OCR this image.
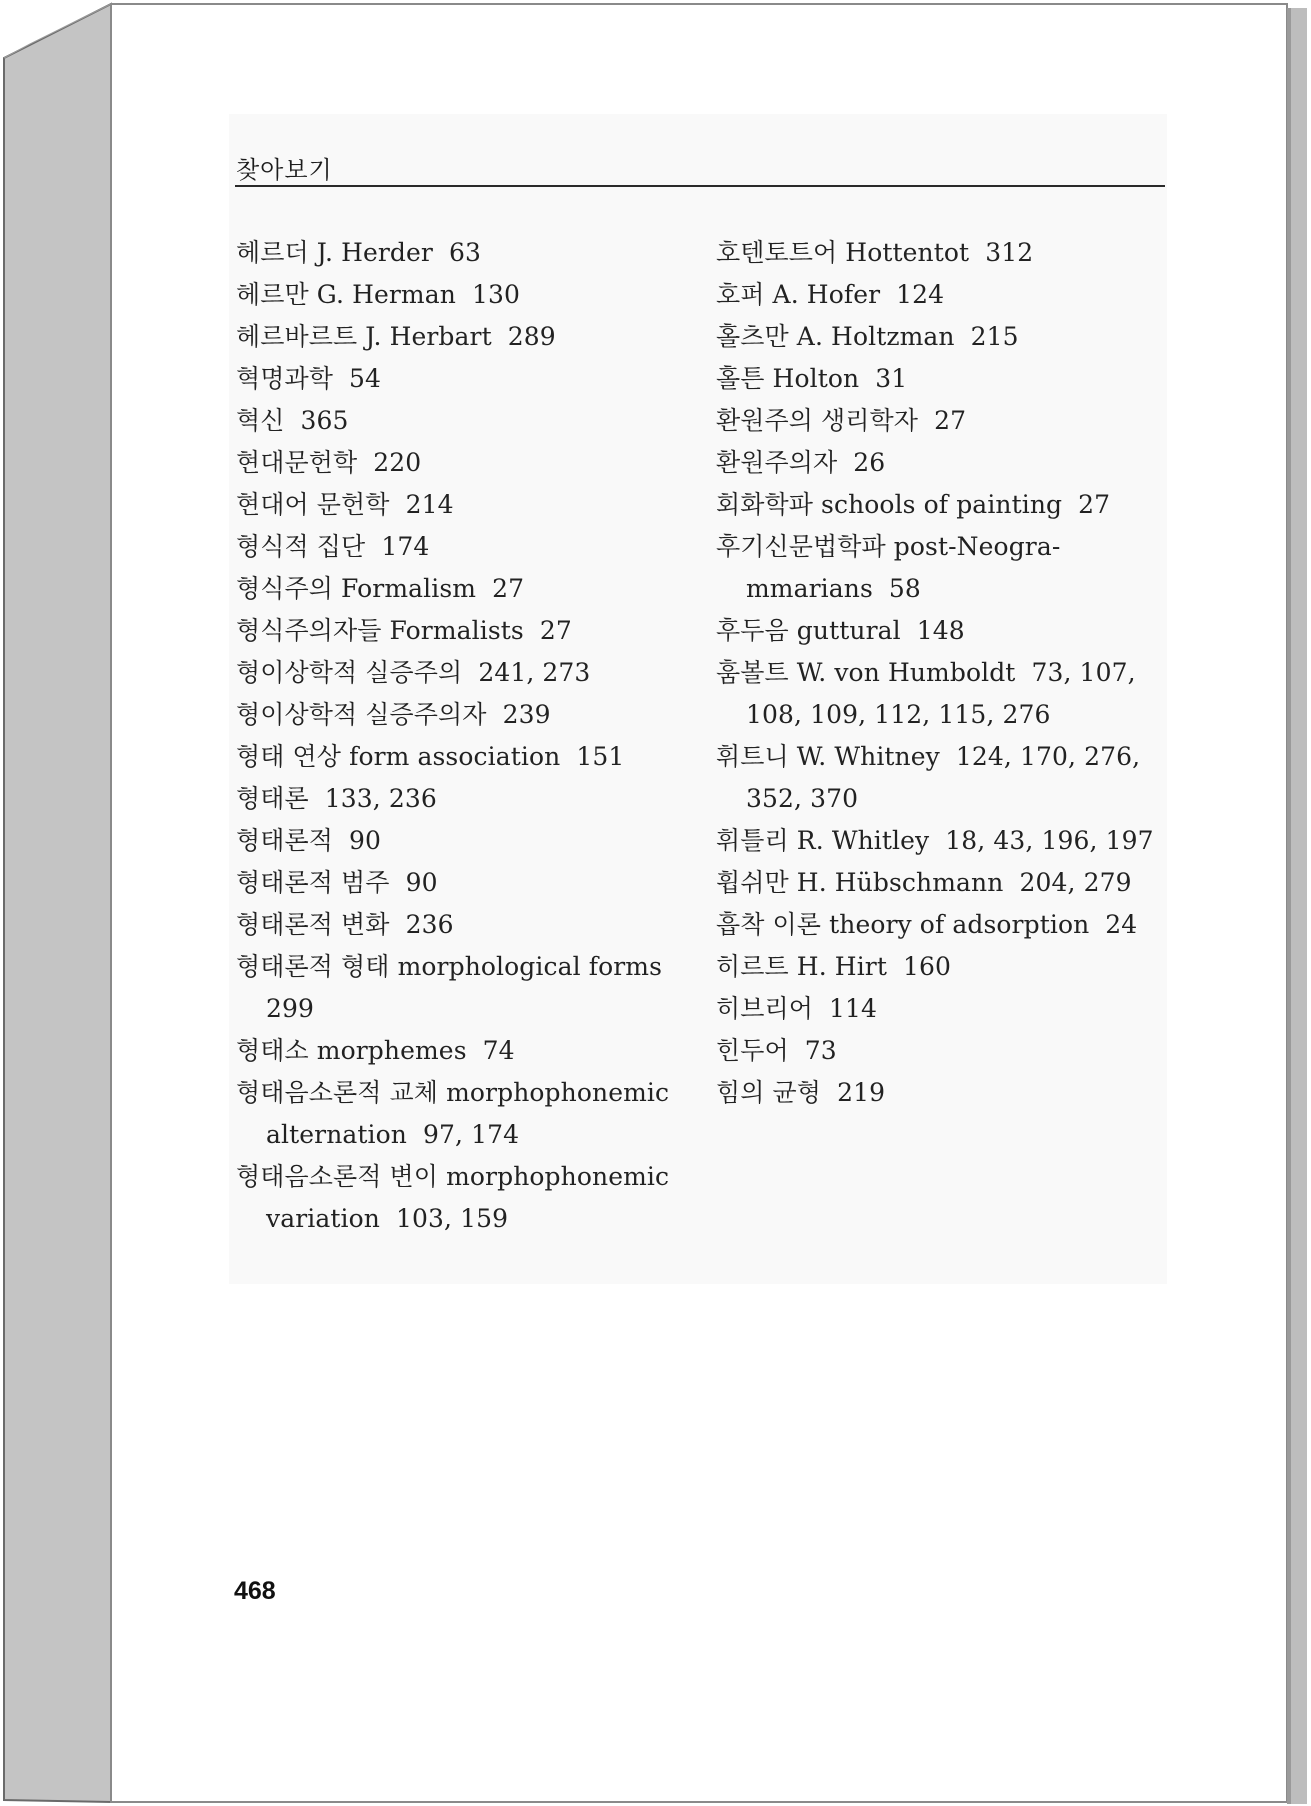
찾아보기
헤르더 J. Herder 63
헤르만 G. Herman 130
헤르바르트 J. Herbart 289
혁명과학 54
혁신 365
현대문헌학 220
현대어 문헌학 214
형식적 집단 174
형식주의 Formalism 27
형식주의자들 Formalists 27
형이상학적 실증주의 241, 273
형이상학적 실증주의자 239
형태 연상 form association 151
형태론 133, 236
형태론적 90
형태론적 범주 90
형태론적 변화 236
형태론적 형태 morphological forms
299
형태소 morphemes 74
형태음소론적 교체 morphophonemic
alternation 97, 174
형태음소론적 변이 morphophonemic
variation 103, 159
호텐토트어 Hottentot 312
호퍼 A. Hofer 124
홀츠만 A. Holtzman 215
홀튼 Holton 31
환원주의 생리학자 27
환원주의자 26
회화학파 schools of painting 27
후기신문법학파 post-Neogra-
mmarians 58
후두음 guttural 148
훔볼트 W. von Humboldt 73, 107,
108, 109, 112, 115, 276
휘트니 W. Whitney 124, 170, 276,
352, 370
휘틀리 R. Whitley 18, 43, 196, 197
휩쉬만 H. Hübschmann 204, 279
흡착 이론 theory of adsorption 24
히르트 H. Hirt 160
히브리어 114
힌두어 73
힘의 균형 219
468
